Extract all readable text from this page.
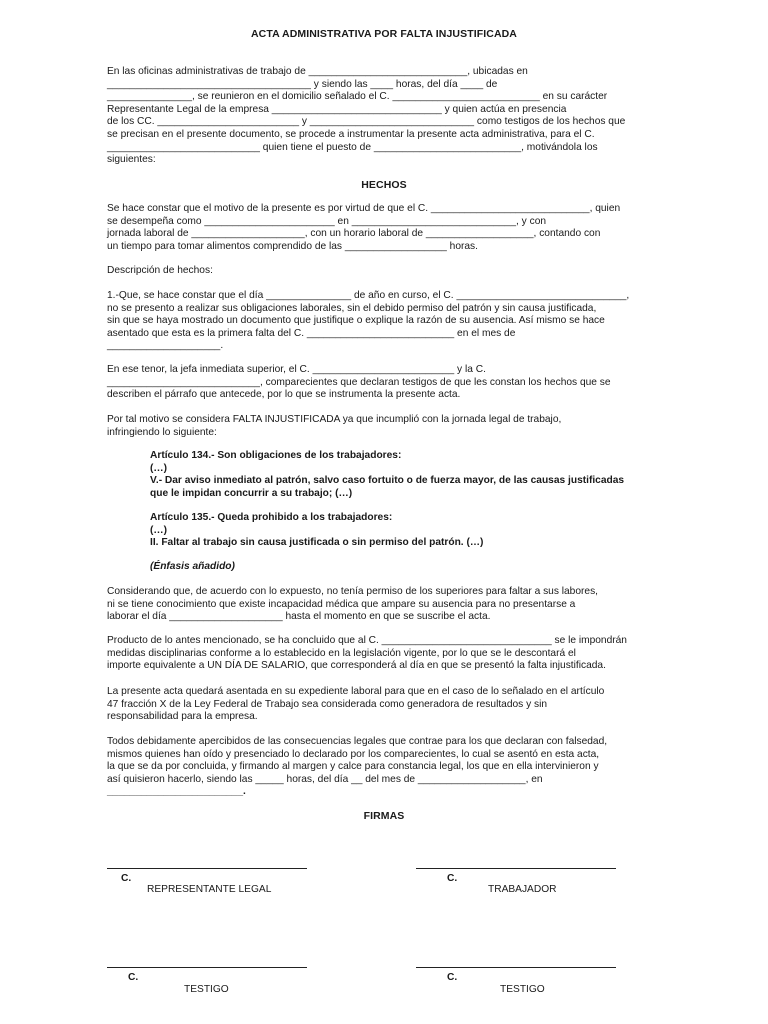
ACTA ADMINISTRATIVA POR FALTA INJUSTIFICADA
En las oficinas administrativas de trabajo de ____________________________, ubicadas en
____________________________________ y siendo las ____ horas, del día ____ de
_______________, se reunieron en el domicilio señalado el C. __________________________ en su carácter
Representante Legal de la empresa ______________________________ y quien actúa en presencia
de los CC. _________________________ y _____________________________ como testigos de los hechos que
se precisan en el presente documento, se procede a instrumentar la presente acta administrativa, para el C.
___________________________ quien tiene el puesto de __________________________, motivándola los
siguientes:
HECHOS
Se hace constar que el motivo de la presente es por virtud de que el C. ____________________________, quien
se desempeña como _______________________ en _____________________________, y con
jornada laboral de ____________________, con un horario laboral de ___________________, contando con
un tiempo para tomar alimentos comprendido de las __________________ horas.
Descripción de hechos:
1.-Que, se hace constar que el día _______________ de año en curso, el C. ______________________________,
no se presento a realizar sus obligaciones laborales, sin el debido permiso del patrón y sin causa justificada,
sin que se haya mostrado un documento que justifique o explique la razón de su ausencia. Así mismo se hace
asentado que esta es la primera falta del C. __________________________ en el mes de
____________________.
En ese tenor, la jefa inmediata superior, el C. _________________________ y la C.
___________________________, comparecientes que declaran testigos de que les constan los hechos que se
describen el párrafo que antecede, por lo que se instrumenta la presente acta.
Por tal motivo se considera FALTA INJUSTIFICADA ya que incumplió con la jornada legal de trabajo,
infringiendo lo siguiente:
Artículo 134.- Son obligaciones de los trabajadores:
(…)
V.- Dar aviso inmediato al patrón, salvo caso fortuito o de fuerza mayor, de las causas justificadas
que le impidan concurrir a su trabajo; (…)
Artículo 135.- Queda prohibido a los trabajadores:
(…)
II. Faltar al trabajo sin causa justificada o sin permiso del patrón. (…)
(Énfasis añadido)
Considerando que, de acuerdo con lo expuesto, no tenía permiso de los superiores para faltar a sus labores,
ni se tiene conocimiento que existe incapacidad médica que ampare su ausencia para no presentarse a
laborar el día ____________________ hasta el momento en que se suscribe el acta.
Producto de lo antes mencionado, se ha concluido que al C. ______________________________ se le impondrán
medidas disciplinarias conforme a lo establecido en la legislación vigente, por lo que se le descontará el
importe equivalente a UN DÍA DE SALARIO, que corresponderá al día en que se presentó la falta injustificada.
La presente acta quedará asentada en su expediente laboral para que en el caso de lo señalado en el artículo
47 fracción X de la Ley Federal de Trabajo sea considerada como generadora de resultados y sin
responsabilidad para la empresa.
Todos debidamente apercibidos de las consecuencias legales que contrae para los que declaran con falsedad,
mismos quienes han oído y presenciado lo declarado por los comparecientes, lo cual se asentó en esta acta,
la que se da por concluida, y firmando al margen y calce para constancia legal, los que en ella intervinieron y
así quisieron hacerlo, siendo las _____ horas, del día __ del mes de ___________________, en
________________________.
FIRMAS
C.
REPRESENTANTE LEGAL
C.
TRABAJADOR
C.
TESTIGO
C.
TESTIGO
